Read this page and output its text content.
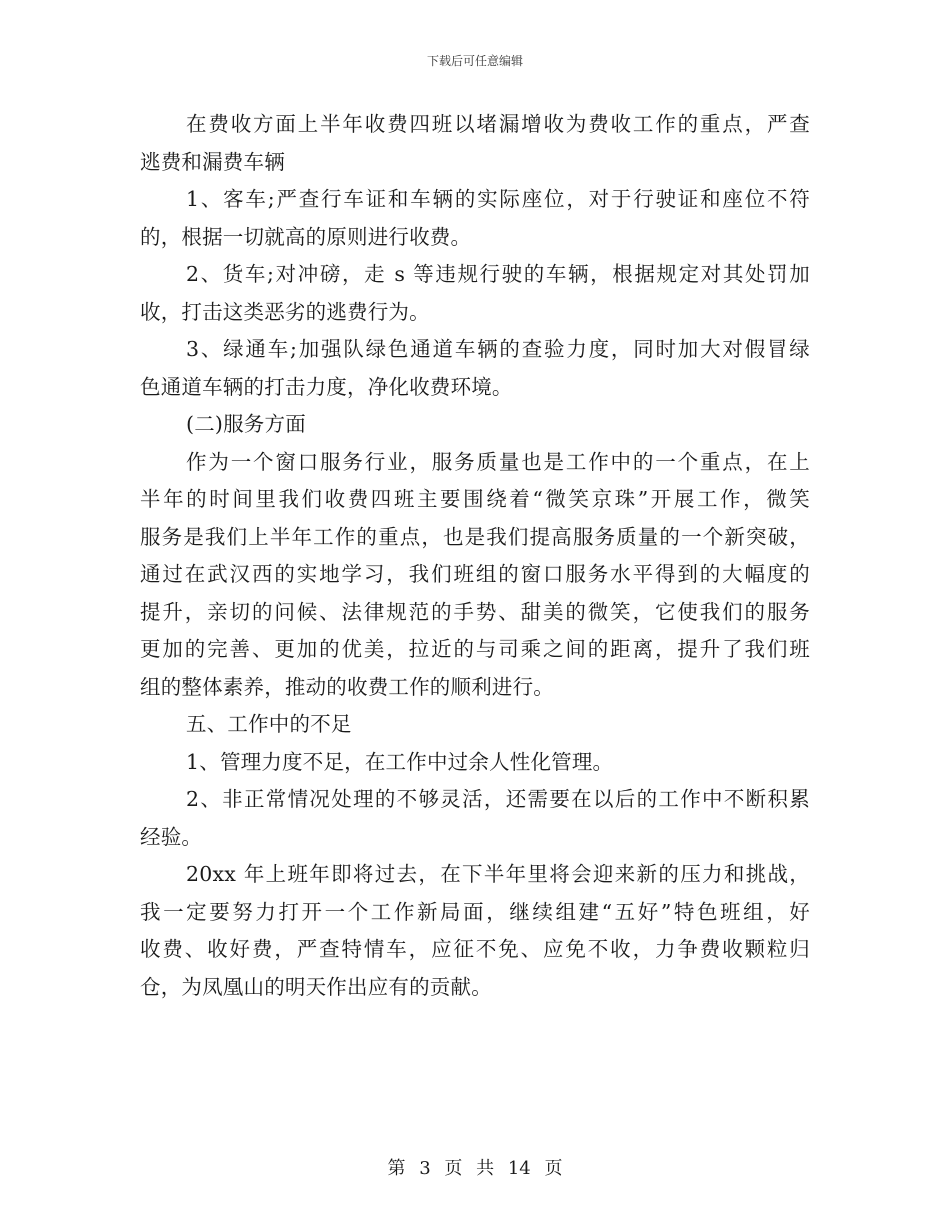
下载后可任意编辑
在费收方面上半年收费四班以堵漏增收为费收工作的重点，严查
逃费和漏费车辆
1、客车;严查行车证和车辆的实际座位，对于行驶证和座位不符
的，根据一切就高的原则进行收费。
2、货车;对冲磅，走 s 等违规行驶的车辆，根据规定对其处罚加
收，打击这类恶劣的逃费行为。
3、绿通车;加强队绿色通道车辆的查验力度，同时加大对假冒绿
色通道车辆的打击力度，净化收费环境。
(二)服务方面
作为一个窗口服务行业，服务质量也是工作中的一个重点，在上
半年的时间里我们收费四班主要围绕着“微笑京珠”开展工作，微笑
服务是我们上半年工作的重点，也是我们提高服务质量的一个新突破，
通过在武汉西的实地学习，我们班组的窗口服务水平得到的大幅度的
提升，亲切的问候、法律规范的手势、甜美的微笑，它使我们的服务
更加的完善、更加的优美，拉近的与司乘之间的距离，提升了我们班
组的整体素养，推动的收费工作的顺利进行。
五、工作中的不足
1、管理力度不足，在工作中过余人性化管理。
2、非正常情况处理的不够灵活，还需要在以后的工作中不断积累
经验。
20xx 年上班年即将过去，在下半年里将会迎来新的压力和挑战，
我一定要努力打开一个工作新局面，继续组建“五好”特色班组，好
收费、收好费，严查特情车，应征不免、应免不收，力争费收颗粒归
仓，为凤凰山的明天作出应有的贡献。
第 3 页 共 14 页
